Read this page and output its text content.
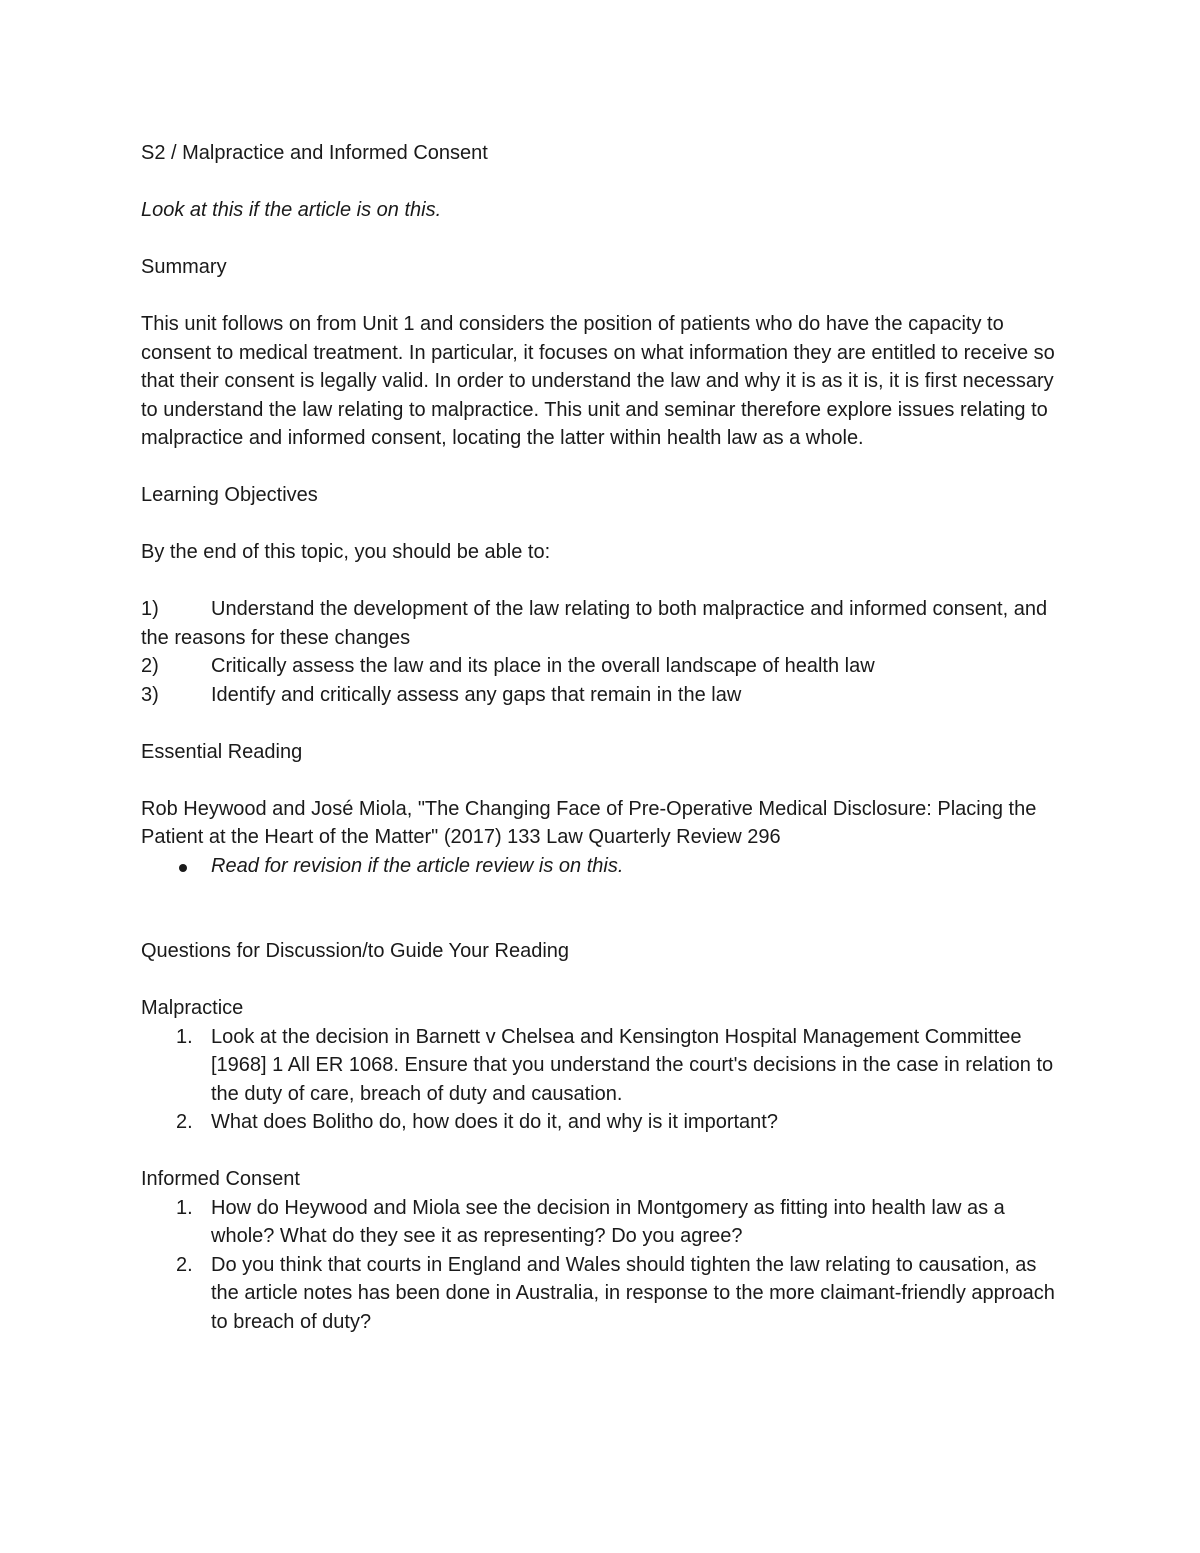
S2 / Malpractice and Informed Consent

Look at this if the article is on this.

Summary

This unit follows on from Unit 1 and considers the position of patients who do have the capacity to consent to medical treatment. In particular, it focuses on what information they are entitled to receive so that their consent is legally valid. In order to understand the law and why it is as it is, it is first necessary to understand the law relating to malpractice. This unit and seminar therefore explore issues relating to malpractice and informed consent, locating the latter within health law as a whole.

Learning Objectives

By the end of this topic, you should be able to:

1)	Understand the development of the law relating to both malpractice and informed consent, and the reasons for these changes

2)	Critically assess the law and its place in the overall landscape of health law

3)	Identify and critically assess any gaps that remain in the law

Essential Reading

Rob Heywood and José Miola, "The Changing Face of Pre-Operative Medical Disclosure: Placing the Patient at the Heart of the Matter" (2017) 133 Law Quarterly Review 296

Read for revision if the article review is on this.

Questions for Discussion/to Guide Your Reading

Malpractice

1. Look at the decision in Barnett v Chelsea and Kensington Hospital Management Committee [1968] 1 All ER 1068. Ensure that you understand the court's decisions in the case in relation to the duty of care, breach of duty and causation.
2. What does Bolitho do, how does it do it, and why is it important?

Informed Consent

1. How do Heywood and Miola see the decision in Montgomery as fitting into health law as a whole? What do they see it as representing? Do you agree?
2. Do you think that courts in England and Wales should tighten the law relating to causation, as the article notes has been done in Australia, in response to the more claimant-friendly approach to breach of duty?
